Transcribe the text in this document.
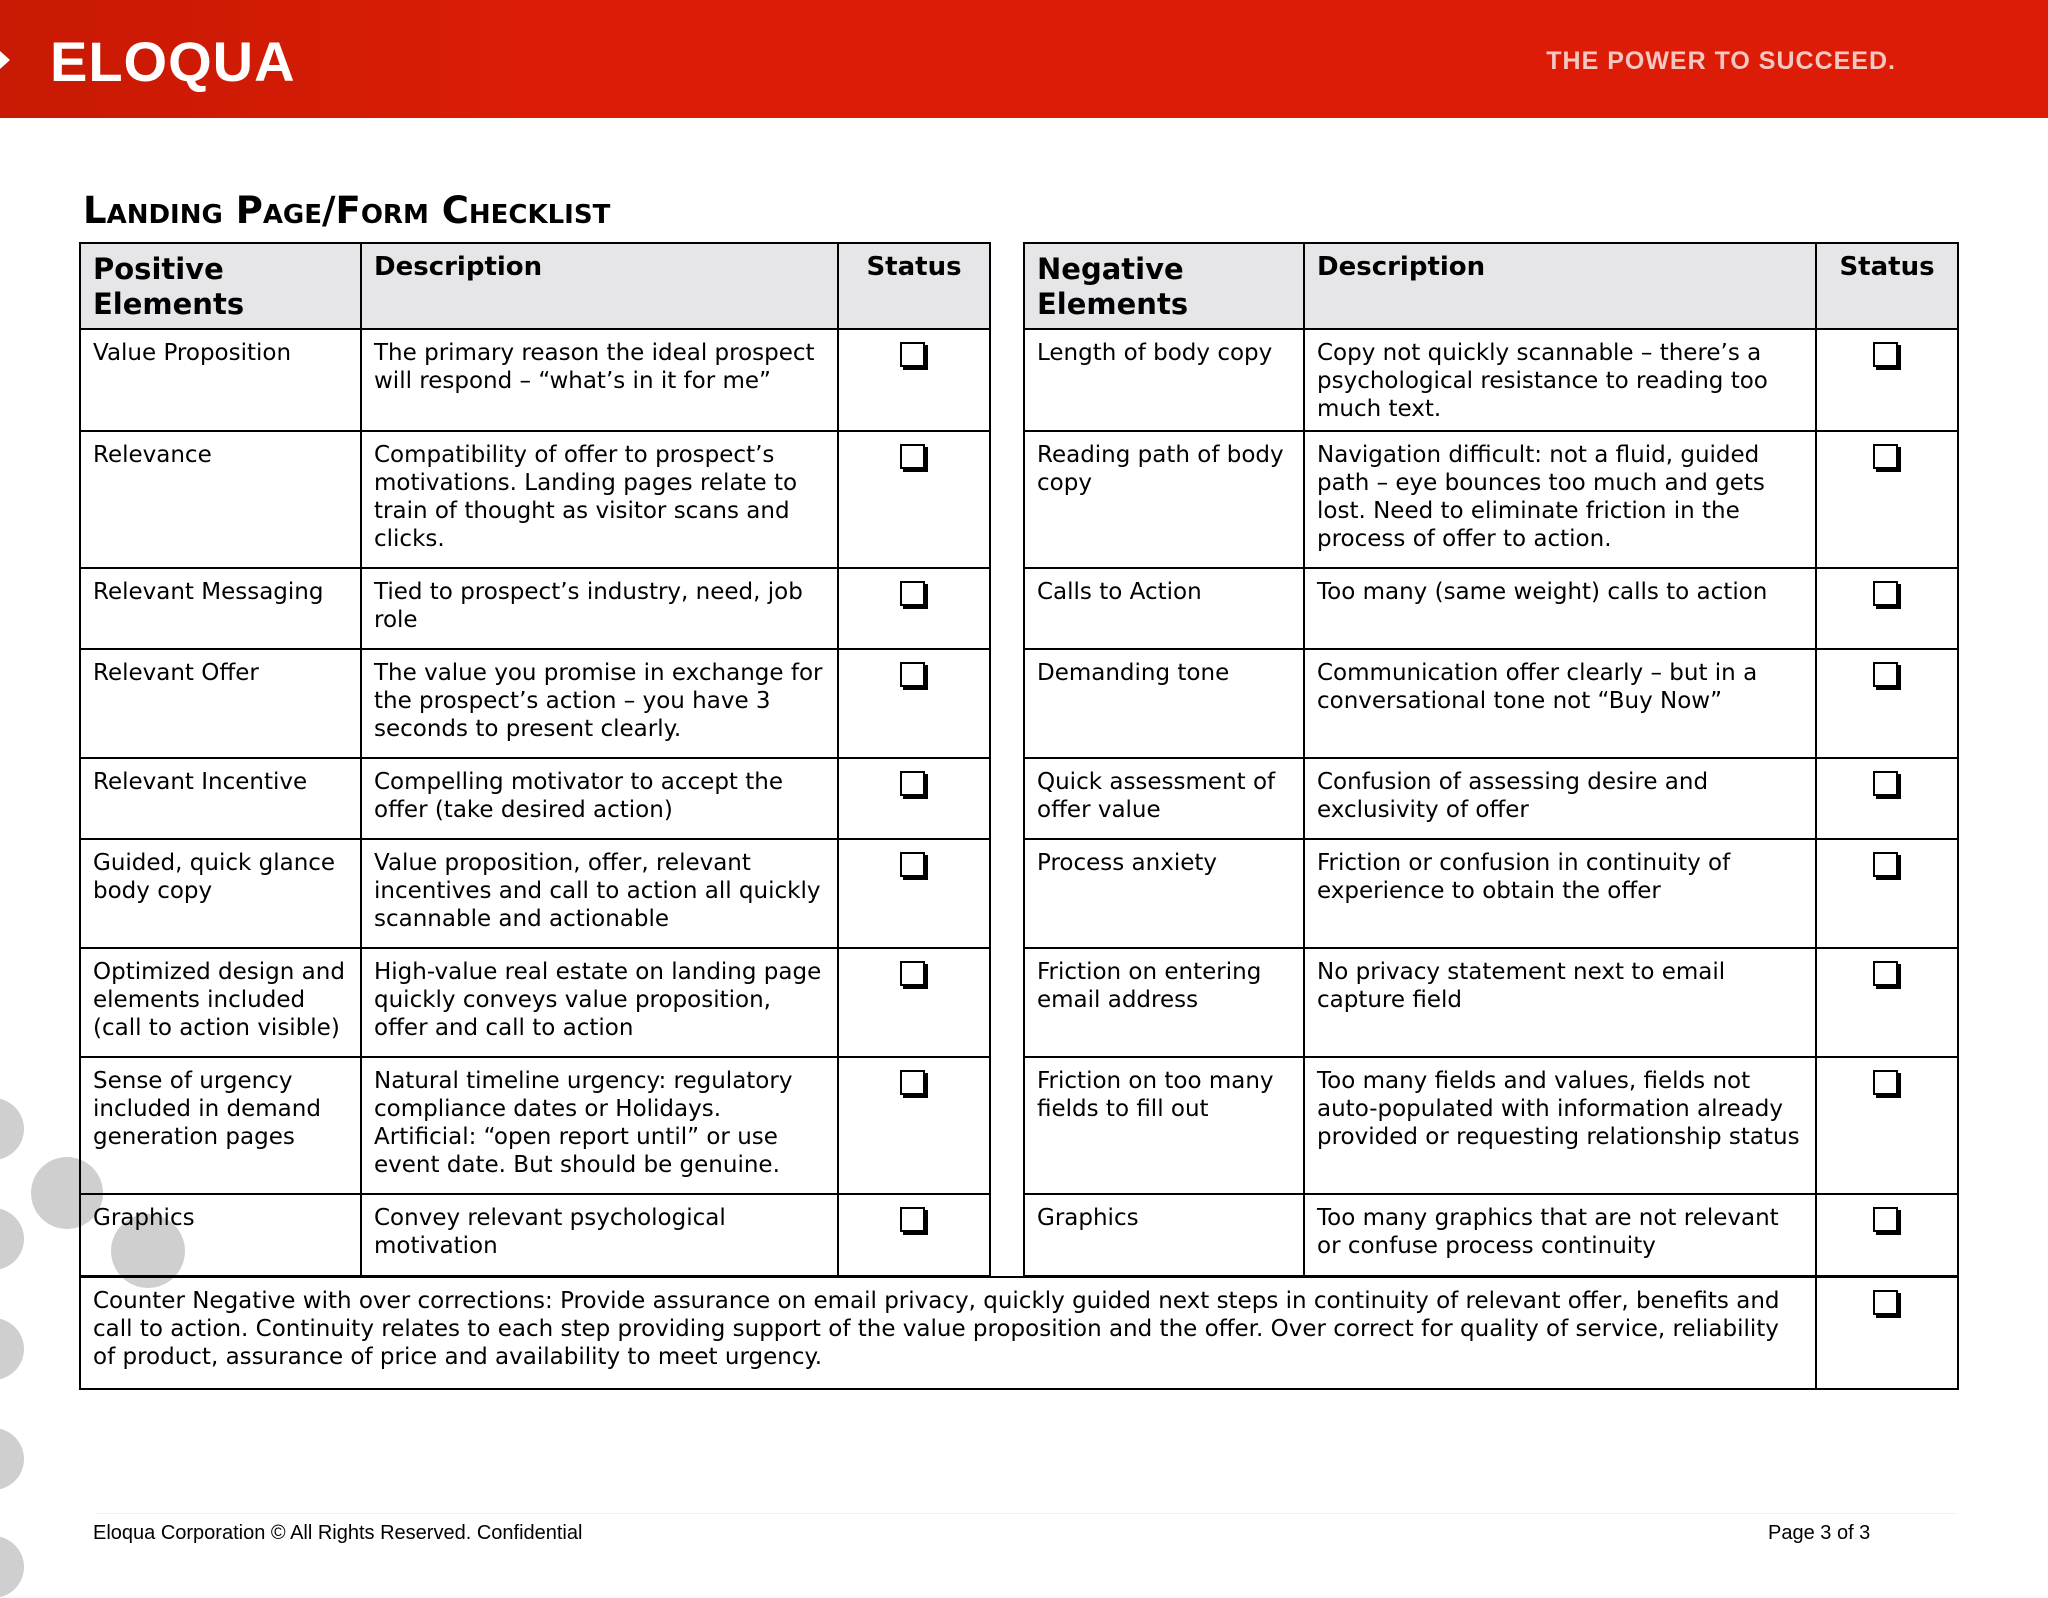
ELOQUA	THE POWER TO SUCCEED.
Landing Page/Form Checklist
Positive Elements	Description	Status
Value Proposition	The primary reason the ideal prospect will respond – “what’s in it for me”	
Relevance	Compatibility of offer to prospect’s motivations. Landing pages relate to train of thought as visitor scans and clicks.	
Relevant Messaging	Tied to prospect’s industry, need, job role	
Relevant Offer	The value you promise in exchange for the prospect’s action – you have 3 seconds to present clearly.	
Relevant Incentive	Compelling motivator to accept the offer (take desired action)	
Guided, quick glance body copy	Value proposition, offer, relevant incentives and call to action all quickly scannable and actionable	
Optimized design and elements included (call to action visible)	High-value real estate on landing page quickly conveys value proposition, offer and call to action	
Sense of urgency included in demand generation pages	Natural timeline urgency: regulatory compliance dates or Holidays. Artificial: “open report until” or use event date. But should be genuine.	
Graphics	Convey relevant psychological motivation	
Negative Elements	Description	Status
Length of body copy	Copy not quickly scannable – there’s a psychological resistance to reading too much text.	
Reading path of body copy	Navigation difficult: not a fluid, guided path – eye bounces too much and gets lost. Need to eliminate friction in the process of offer to action.	
Calls to Action	Too many (same weight) calls to action	
Demanding tone	Communication offer clearly – but in a conversational tone not “Buy Now”	
Quick assessment of offer value	Confusion of assessing desire and exclusivity of offer	
Process anxiety	Friction or confusion in continuity of experience to obtain the offer	
Friction on entering email address	No privacy statement next to email capture field	
Friction on too many fields to fill out	Too many fields and values, fields not auto-populated with information already provided or requesting relationship status	
Graphics	Too many graphics that are not relevant or confuse process continuity	
Counter Negative with over corrections: Provide assurance on email privacy, quickly guided next steps in continuity of relevant offer, benefits and call to action. Continuity relates to each step providing support of the value proposition and the offer. Over correct for quality of service, reliability of product, assurance of price and availability to meet urgency.	
Eloqua Corporation © All Rights Reserved. Confidential	Page 3 of 3
